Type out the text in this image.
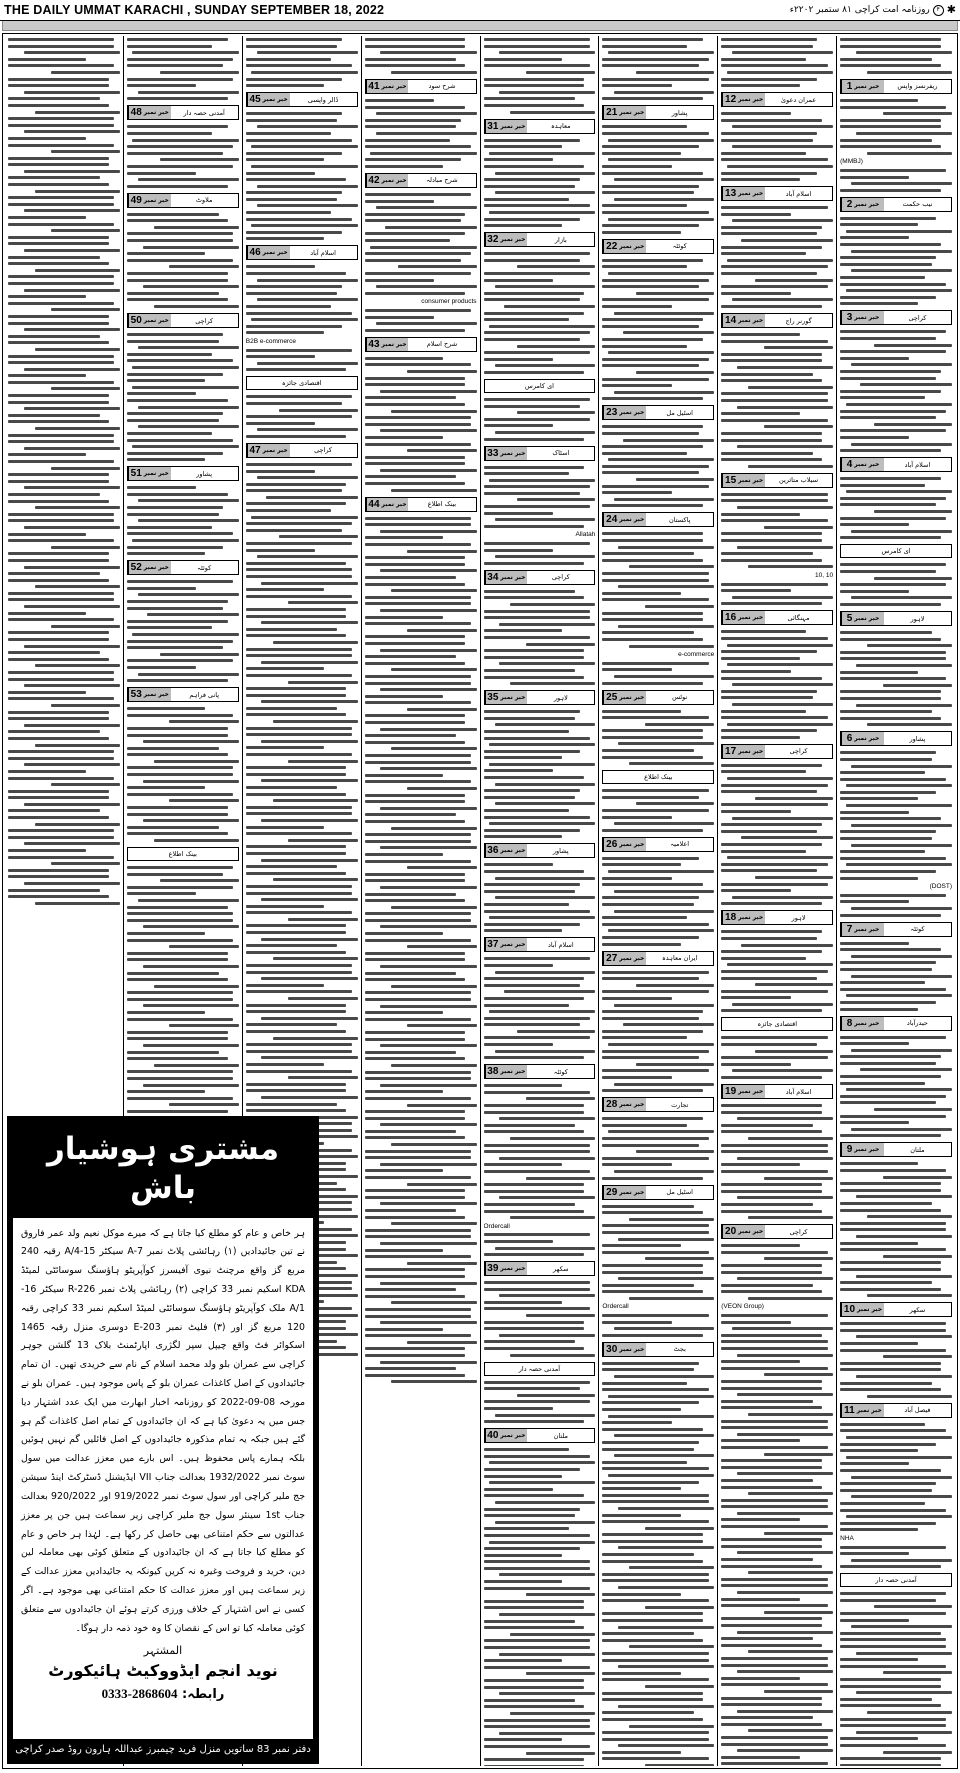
THE DAILY UMMAT KARACHI , SUNDAY SEPTEMBER 18, 2022	✱
۴
روزنامہ امت کراچی ۱۸ ستمبر ۲۰۲۲ء
1 خبر نمبر	ریفرنسز واپس
(MMBJ)
2 خبر نمبر	نیب حکمت
3 خبر نمبر	کراچی
4 خبر نمبر	اسلام آباد
ای کامرس
5 خبر نمبر	لاہور
6 خبر نمبر	پشاور
(DOST)
7 خبر نمبر	کوئٹہ
8 خبر نمبر	حیدرآباد
9 خبر نمبر	ملتان
10 خبر نمبر	سکھر
11 خبر نمبر	فیصل آباد
NHA
آمدنی حصہ دار
12 خبر نمبر	عمران دعویٰ
13 خبر نمبر	اسلام آباد
14 خبر نمبر	گورنر راج
15 خبر نمبر	سیلاب متاثرین
10, 10
16 خبر نمبر	مہنگائی
17 خبر نمبر	کراچی
18 خبر نمبر	لاہور
اقتصادی جائزہ
19 خبر نمبر	اسلام آباد
20 خبر نمبر	کراچی
(VEON Group)
21 خبر نمبر	پشاور
22 خبر نمبر	کوئٹہ
23 خبر نمبر	اسٹیل مل
24 خبر نمبر	پاکستان
e-commerce
25 خبر نمبر	نوٹس
بینک اطلاع
26 خبر نمبر	اعلامیہ
27 خبر نمبر	ایران معاہدہ
28 خبر نمبر	تجارت
29 خبر نمبر	اسٹیل مل
Ordercall
30 خبر نمبر	بجٹ
31 خبر نمبر	معاہدہ
32 خبر نمبر	بازار
ای کامرس
33 خبر نمبر	اسٹاک
Allatah
34 خبر نمبر	کراچی
35 خبر نمبر	لاہور
36 خبر نمبر	پشاور
37 خبر نمبر	اسلام آباد
38 خبر نمبر	کوئٹہ
Ordercall
39 خبر نمبر	سکھر
آمدنی حصہ دار
40 خبر نمبر	ملتان
41 خبر نمبر	شرح سود
42 خبر نمبر	شرح مبادلہ
consumer products
43 خبر نمبر	شرح اسلام
44 خبر نمبر	بینک اطلاع
45 خبر نمبر	ڈالر واپسی
46 خبر نمبر	اسلام آباد
B2B e-commerce
اقتصادی جائزہ
47 خبر نمبر	کراچی
48 خبر نمبر	آمدنی حصہ دار
49 خبر نمبر	ملاوٹ
50 خبر نمبر	کراچی
51 خبر نمبر	پشاور
52 خبر نمبر	کوئٹہ
53 خبر نمبر	پانی فراہم
بینک اطلاع
مشتری ہوشیار باش
ہر خاص و عام کو مطلع کیا جاتا ہے کہ میرے موکل نعیم ولد عمر فاروق نے تین جائیدادیں (۱) رہائشی پلاٹ نمبر A-7 سیکٹر 15-A/4 رقبہ 240 مربع گز واقع مرچنٹ نیوی آفیسرز کوآپریٹو ہاؤسنگ سوسائٹی لمیٹڈ KDA اسکیم نمبر 33 کراچی (۲) رہائشی پلاٹ نمبر R-226 سیکٹر 16-A/1 ملک کوآپریٹو ہاؤسنگ سوسائٹی لمیٹڈ اسکیم نمبر 33 کراچی رقبہ 120 مربع گز اور (۳) فلیٹ نمبر E-203 دوسری منزل رقبہ 1465 اسکوائر فٹ واقع چیپل سپر لگژری اپارٹمنٹ بلاک 13 گلشن جوہر کراچی سے عمران بلو ولد محمد اسلام کے نام سے خریدی تھیں۔ ان تمام جائیدادوں کے اصل کاغذات عمران بلو کے پاس موجود ہیں۔ عمران بلو نے مورخہ 08-09-2022 کو روزنامہ اخبار ابھارت میں ایک عدد اشتہار دیا جس میں یہ دعویٰ کیا ہے کہ ان جائیدادوں کے تمام اصل کاغذات گم ہو گئے ہیں جبکہ یہ تمام مذکورہ جائیدادوں کے اصل فائلیں گم نہیں ہوئیں بلکہ ہمارے پاس محفوظ ہیں۔ اس بارے میں معزز عدالت میں سول سوٹ نمبر 1932/2022 بعدالت جناب VII ایڈیشنل ڈسٹرکٹ اینڈ سیشن جج ملیر کراچی اور سول سوٹ نمبر 919/2022 اور 920/2022 بعدالت جناب 1st سینئر سول جج ملیر کراچی زیر سماعت ہیں جن پر معزز عدالتوں سے حکم امتناعی بھی حاصل کر رکھا ہے۔ لہٰذا ہر خاص و عام کو مطلع کیا جاتا ہے کہ ان جائیدادوں کے متعلق کوئی بھی معاملہ لین دین، خرید و فروخت وغیرہ نہ کریں کیونکہ یہ جائیدادیں معزز عدالت کے زیر سماعت ہیں اور معزز عدالت کا حکم امتناعی بھی موجود ہے۔ اگر کسی نے اس اشتہار کے خلاف ورزی کرتے ہوئے ان جائیدادوں سے متعلق کوئی معاملہ کیا تو اس کے نقصان کا وہ خود ذمہ دار ہوگا۔
المشتہر
نوید انجم ایڈووکیٹ ہائیکورٹ
رابطہ: 0333-2868604
دفتر نمبر 83 ساتویں منزل فرید چیمبرز عبداللہ ہارون روڈ صدر کراچی
